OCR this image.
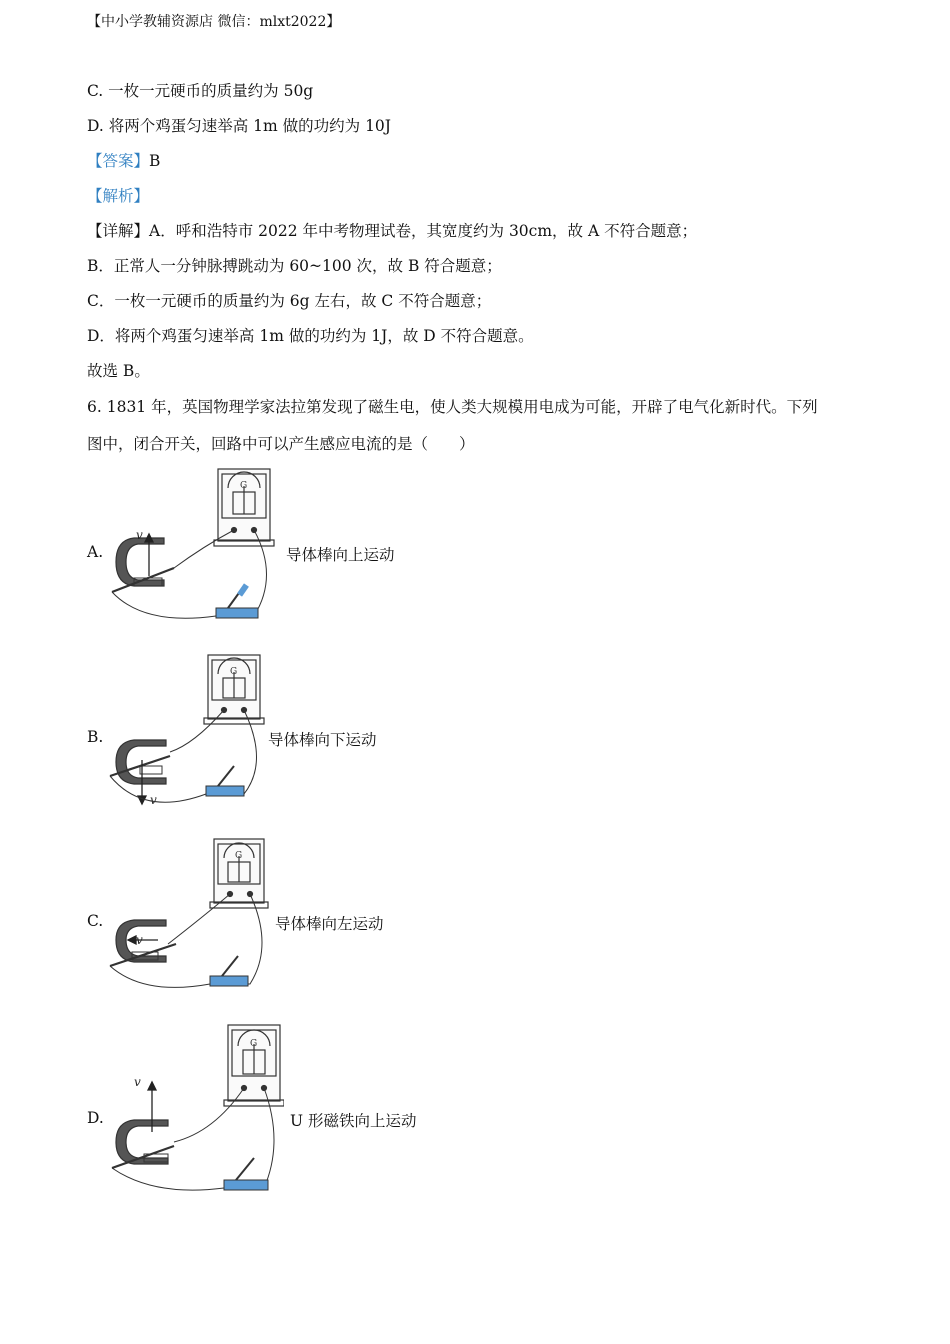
【中小学教辅资源店 微信：mlxt2022】
C. 一枚一元硬币的质量约为 50g
D. 将两个鸡蛋匀速举高 1m 做的功约为 10J
【答案】B
【解析】
【详解】A．呼和浩特市 2022 年中考物理试卷，其宽度约为 30cm，故 A 不符合题意；
B．正常人一分钟脉搏跳动为 60~100 次，故 B 符合题意；
C．一枚一元硬币的质量约为 6g 左右，故 C 不符合题意；
D．将两个鸡蛋匀速举高 1m 做的功约为 1J，故 D 不符合题意。
故选 B。
6. 1831 年，英国物理学家法拉第发现了磁生电，使人类大规模用电成为可能，开辟了电气化新时代。下列
图中，闭合开关，回路中可以产生感应电流的是（　　）
A.
G
v
导体棒向上运动
B.
G
v
导体棒向下运动
C.
G
v
导体棒向左运动
D.
G
v
U 形磁铁向上运动
